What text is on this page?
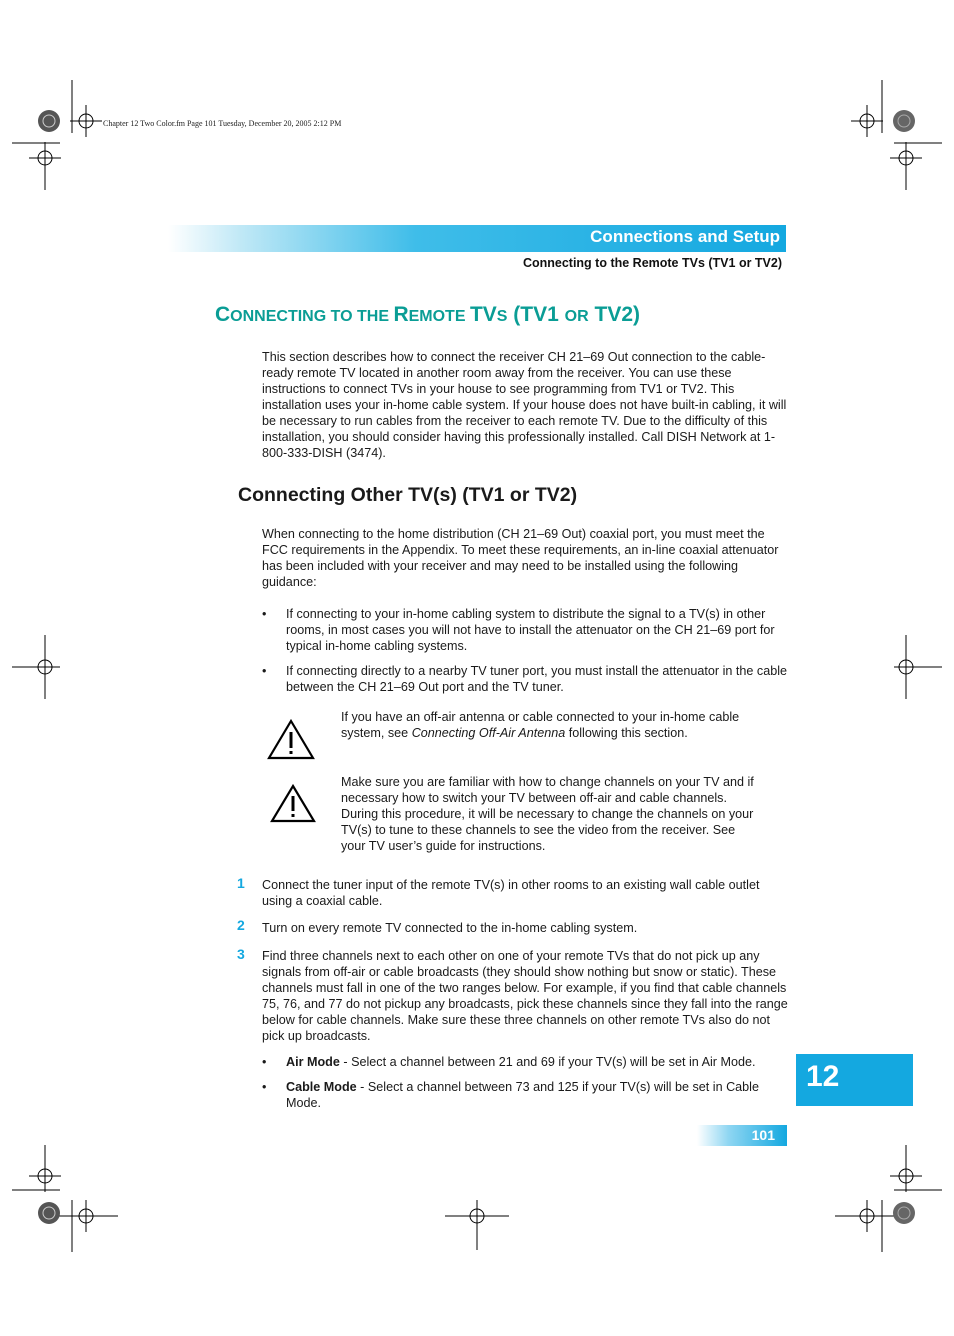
Chapter 12 Two Color.fm Page 101 Tuesday, December 20, 2005 2:12 PM
Connections and Setup
Connecting to the Remote TVs (TV1 or TV2)
CONNECTING TO THE REMOTE TVS (TV1 OR TV2)
This section describes how to connect the receiver CH 21–69 Out connection to the cable-ready remote TV located in another room away from the receiver. You can use these instructions to connect TVs in your house to see programming from TV1 or TV2. This installation uses your in-home cable system. If your house does not have built-in cabling, it will be necessary to run cables from the receiver to each remote TV. Due to the difficulty of this installation, you should consider having this professionally installed. Call DISH Network at 1-800-333-DISH (3474).
Connecting Other TV(s) (TV1 or TV2)
When connecting to the home distribution (CH 21–69 Out) coaxial port, you must meet the FCC requirements in the Appendix. To meet these requirements, an in-line coaxial attenuator has been included with your receiver and may need to be installed using the following guidance:
• If connecting to your in-home cabling system to distribute the signal to a TV(s) in other rooms, in most cases you will not have to install the attenuator on the CH 21–69 port for typical in-home cabling systems.
• If connecting directly to a nearby TV tuner port, you must install the attenuator in the cable between the CH 21–69 Out port and the TV tuner.
If you have an off-air antenna or cable connected to your in-home cable system, see Connecting Off-Air Antenna following this section.
Make sure you are familiar with how to change channels on your TV and if necessary how to switch your TV between off-air and cable channels. During this procedure, it will be necessary to change the channels on your TV(s) to tune to these channels to see the video from the receiver. See your TV user’s guide for instructions.
1 Connect the tuner input of the remote TV(s) in other rooms to an existing wall cable outlet using a coaxial cable.
2 Turn on every remote TV connected to the in-home cabling system.
3 Find three channels next to each other on one of your remote TVs that do not pick up any signals from off-air or cable broadcasts (they should show nothing but snow or static). These channels must fall in one of the two ranges below. For example, if you find that cable channels 75, 76, and 77 do not pickup any broadcasts, pick these channels since they fall into the range below for cable channels. Make sure these three channels on other remote TVs also do not pick up broadcasts.
• Air Mode - Select a channel between 21 and 69 if your TV(s) will be set in Air Mode.
• Cable Mode - Select a channel between 73 and 125 if your TV(s) will be set in Cable Mode.
12
101
